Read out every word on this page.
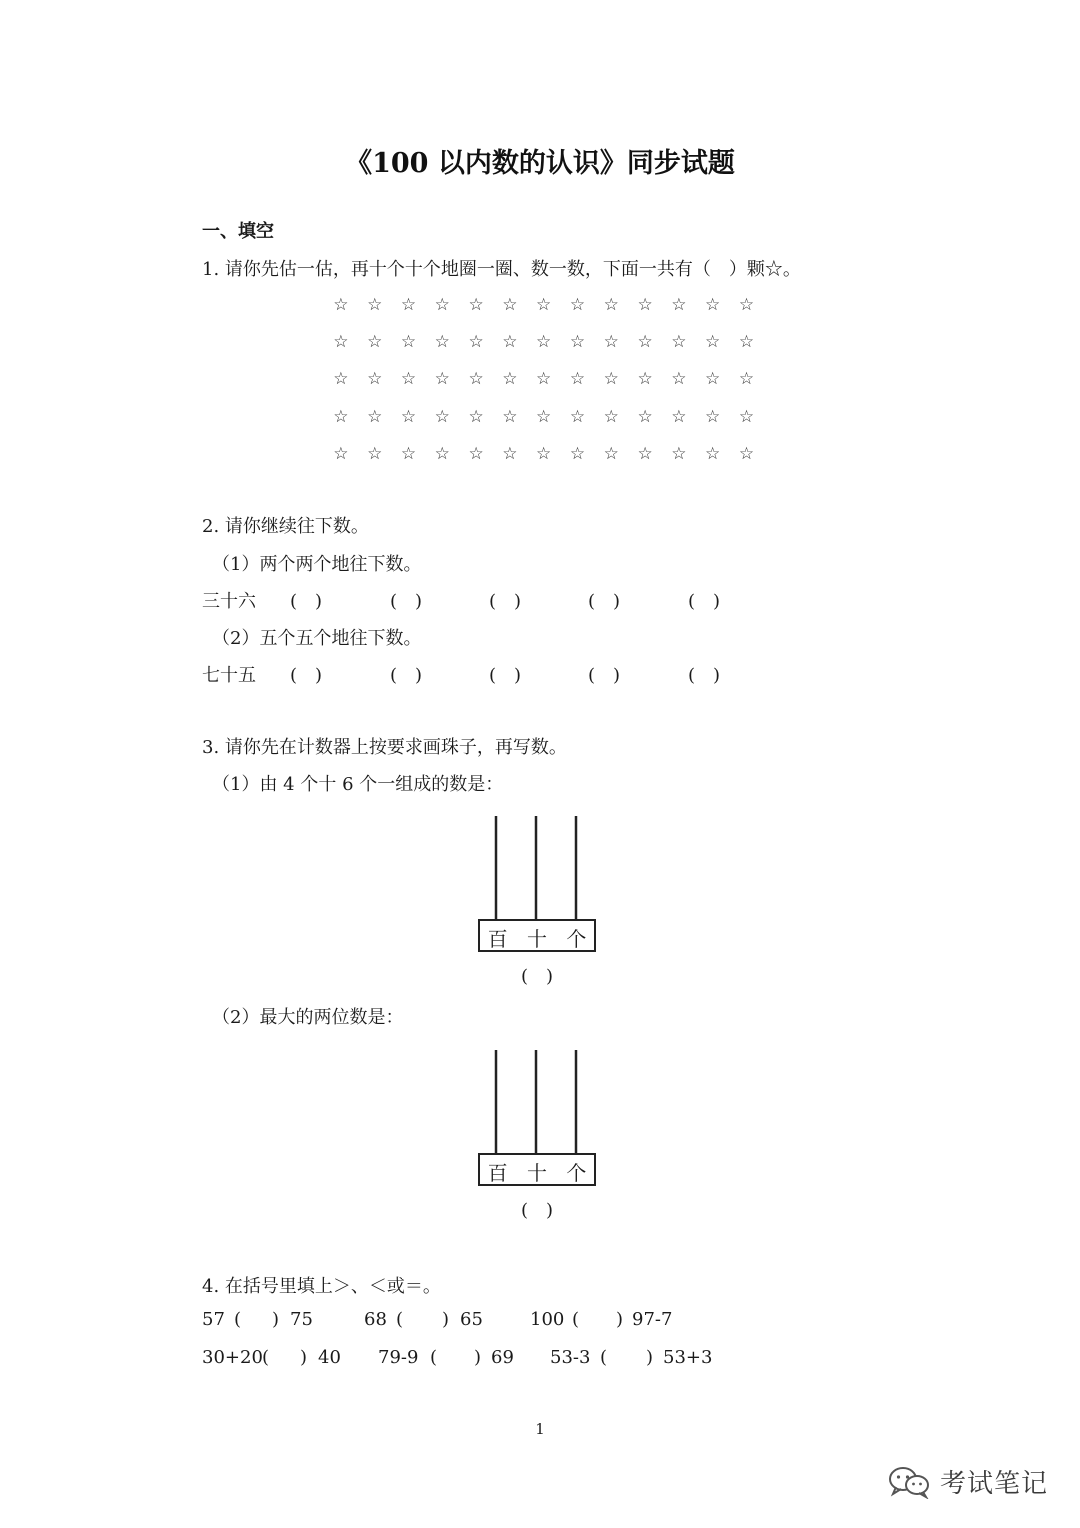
《100 以内数的认识》同步试题
一、填空
1. 请你先估一估，再十个十个地圈一圈、数一数，下面一共有（　）颗☆。
☆	☆	☆	☆	☆	☆	☆	☆	☆	☆	☆	☆	☆
☆	☆	☆	☆	☆	☆	☆	☆	☆	☆	☆	☆	☆
☆	☆	☆	☆	☆	☆	☆	☆	☆	☆	☆	☆	☆
☆	☆	☆	☆	☆	☆	☆	☆	☆	☆	☆	☆	☆
☆	☆	☆	☆	☆	☆	☆	☆	☆	☆	☆	☆	☆
2. 请你继续往下数。
（1）两个两个地往下数。
三十六 (　)	(　)	(　)	(　)	(　)
（2）五个五个地往下数。
七十五 (　)	(　)	(　)	(　)	(　)
3. 请你先在计数器上按要求画珠子，再写数。
（1）由 4 个十 6 个一组成的数是：
百 十 个
(　)
（2）最大的两位数是：
百 十 个
(　)
4. 在括号里填上＞、＜或＝。
57 ( ) 75	68 ( ) 65	100 ( ) 97-7
30+20 ( ) 40 79-9 ( ) 69 53-3 ( ) 53+3
1
考试笔记
